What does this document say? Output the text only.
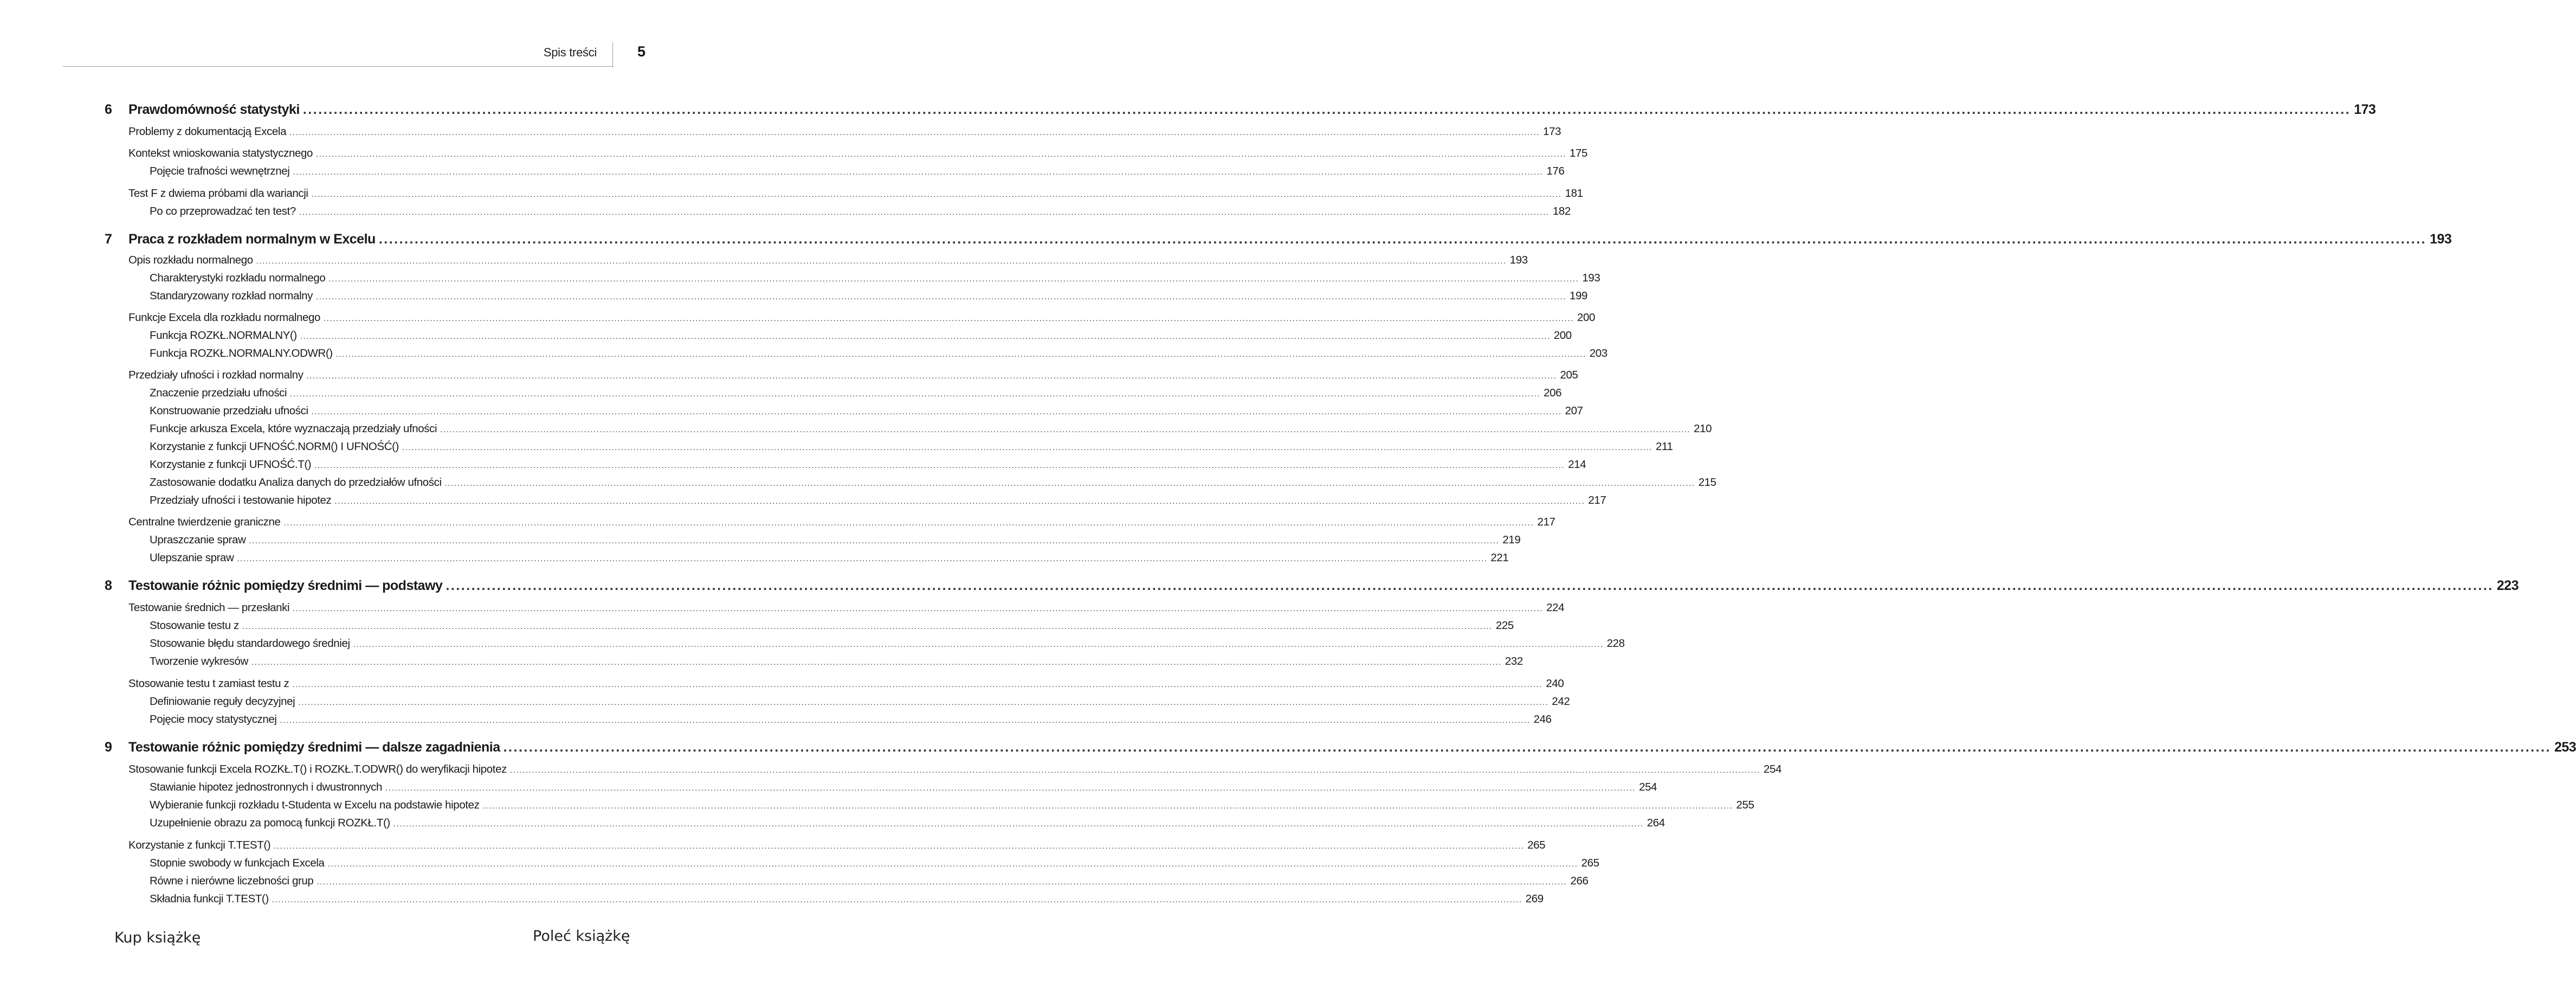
Spis treści	5
6 Prawdomówność statystyki ................................................................................................................................................................................................................................................................................................................................................................................................................ 173
Problemy z dokumentacją Excela ................................................................................................................................................................................................................................................................................................................................................................................................................ 173
Kontekst wnioskowania statystycznego ................................................................................................................................................................................................................................................................................................................................................................................................................ 175
Pojęcie trafności wewnętrznej ................................................................................................................................................................................................................................................................................................................................................................................................................ 176
Test F z dwiema próbami dla wariancji ................................................................................................................................................................................................................................................................................................................................................................................................................ 181
Po co przeprowadzać ten test? ................................................................................................................................................................................................................................................................................................................................................................................................................ 182
7 Praca z rozkładem normalnym w Excelu ................................................................................................................................................................................................................................................................................................................................................................................................................ 193
Opis rozkładu normalnego ................................................................................................................................................................................................................................................................................................................................................................................................................ 193
Charakterystyki rozkładu normalnego ................................................................................................................................................................................................................................................................................................................................................................................................................ 193
Standaryzowany rozkład normalny ................................................................................................................................................................................................................................................................................................................................................................................................................ 199
Funkcje Excela dla rozkładu normalnego ................................................................................................................................................................................................................................................................................................................................................................................................................ 200
Funkcja ROZKŁ.NORMALNY() ................................................................................................................................................................................................................................................................................................................................................................................................................ 200
Funkcja ROZKŁ.NORMALNY.ODWR() ................................................................................................................................................................................................................................................................................................................................................................................................................ 203
Przedziały ufności i rozkład normalny ................................................................................................................................................................................................................................................................................................................................................................................................................ 205
Znaczenie przedziału ufności ................................................................................................................................................................................................................................................................................................................................................................................................................ 206
Konstruowanie przedziału ufności ................................................................................................................................................................................................................................................................................................................................................................................................................ 207
Funkcje arkusza Excela, które wyznaczają przedziały ufności ................................................................................................................................................................................................................................................................................................................................................................................................................ 210
Korzystanie z funkcji UFNOŚĆ.NORM() I UFNOŚĆ() ................................................................................................................................................................................................................................................................................................................................................................................................................ 211
Korzystanie z funkcji UFNOŚĆ.T() ................................................................................................................................................................................................................................................................................................................................................................................................................ 214
Zastosowanie dodatku Analiza danych do przedziałów ufności ................................................................................................................................................................................................................................................................................................................................................................................................................ 215
Przedziały ufności i testowanie hipotez ................................................................................................................................................................................................................................................................................................................................................................................................................ 217
Centralne twierdzenie graniczne ................................................................................................................................................................................................................................................................................................................................................................................................................ 217
Upraszczanie spraw ................................................................................................................................................................................................................................................................................................................................................................................................................ 219
Ulepszanie spraw ................................................................................................................................................................................................................................................................................................................................................................................................................ 221
8 Testowanie różnic pomiędzy średnimi — podstawy ................................................................................................................................................................................................................................................................................................................................................................................................................ 223
Testowanie średnich — przesłanki ................................................................................................................................................................................................................................................................................................................................................................................................................ 224
Stosowanie testu z ................................................................................................................................................................................................................................................................................................................................................................................................................ 225
Stosowanie błędu standardowego średniej ................................................................................................................................................................................................................................................................................................................................................................................................................ 228
Tworzenie wykresów ................................................................................................................................................................................................................................................................................................................................................................................................................ 232
Stosowanie testu t zamiast testu z ................................................................................................................................................................................................................................................................................................................................................................................................................ 240
Definiowanie reguły decyzyjnej ................................................................................................................................................................................................................................................................................................................................................................................................................ 242
Pojęcie mocy statystycznej ................................................................................................................................................................................................................................................................................................................................................................................................................ 246
9 Testowanie różnic pomiędzy średnimi — dalsze zagadnienia ................................................................................................................................................................................................................................................................................................................................................................................................................ 253
Stosowanie funkcji Excela ROZKŁ.T() i ROZKŁ.T.ODWR() do weryfikacji hipotez ................................................................................................................................................................................................................................................................................................................................................................................................................ 254
Stawianie hipotez jednostronnych i dwustronnych ................................................................................................................................................................................................................................................................................................................................................................................................................ 254
Wybieranie funkcji rozkładu t-Studenta w Excelu na podstawie hipotez ................................................................................................................................................................................................................................................................................................................................................................................................................ 255
Uzupełnienie obrazu za pomocą funkcji ROZKŁ.T() ................................................................................................................................................................................................................................................................................................................................................................................................................ 264
Korzystanie z funkcji T.TEST() ................................................................................................................................................................................................................................................................................................................................................................................................................ 265
Stopnie swobody w funkcjach Excela ................................................................................................................................................................................................................................................................................................................................................................................................................ 265
Równe i nierówne liczebności grup ................................................................................................................................................................................................................................................................................................................................................................................................................ 266
Składnia funkcji T.TEST() ................................................................................................................................................................................................................................................................................................................................................................................................................ 269
Kup książkę	Poleć książkę
